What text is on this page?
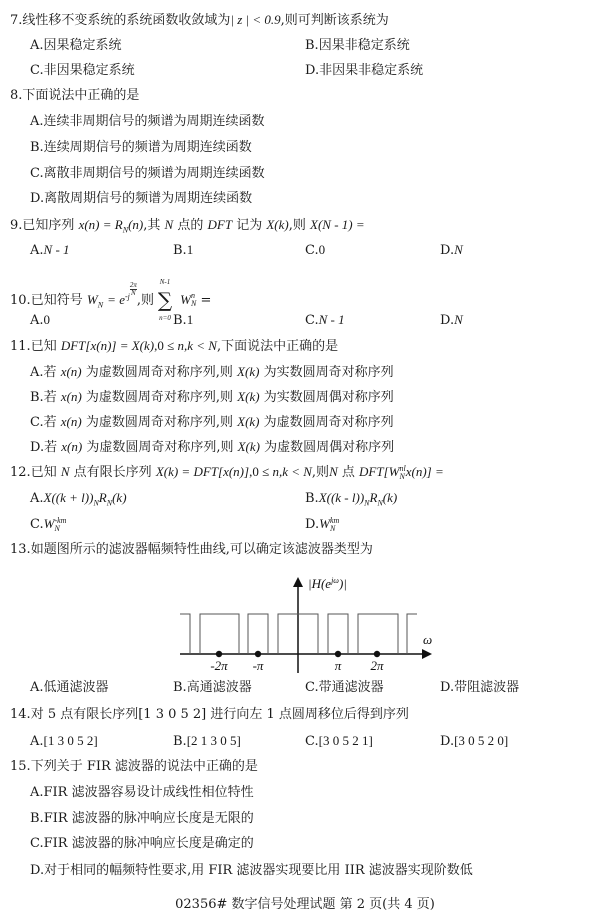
7.线性移不变系统的系统函数收敛域为| z | < 0.9,则可判断该系统为
A.因果稳定系统	B.因果非稳定系统
C.非因果稳定系统	D.非因果非稳定系统
8.下面说法中正确的是
A.连续非周期信号的频谱为周期连续函数
B.连续周期信号的频谱为周期连续函数
C.离散非周期信号的频谱为周期连续函数
D.离散周期信号的频谱为周期连续函数
9.已知序列 $x(n) = R_N(n)$,其 N 点的 DFT 记为 X(k),则 X(N - 1) =
A.N - 1	B.1	C.0	D.N
10.已知符号 $W_N = e^{-j \frac{2\pi}{N}}$
,则
N-1
∑
n=0
W n
N =
A.0	B.1	C.N - 1	D.N
11.已知 DFT[x(n)] = X(k),0 ≤ n,k < N,下面说法中正确的是
A.若 x(n) 为虚数圆周奇对称序列,则 X(k) 为实数圆周奇对称序列
B.若 x(n) 为虚数圆周奇对称序列,则 X(k) 为实数圆周偶对称序列
C.若 x(n) 为虚数圆周奇对称序列,则 X(k) 为虚数圆周奇对称序列
D.若 x(n) 为虚数圆周奇对称序列,则 X(k) 为虚数圆周偶对称序列
12.已知 N 点有限长序列 X(k) = DFT[x(n)],0 ≤ n,k < N,则N 点 DFT[W nl
N x(n)] =
$A.X((k + l))_NR_N(k)$	$B.X((k - l))_NR_N(k)$
C.W -km
N	D.W km
N
13.如题图所示的滤波器幅频特性曲线,可以确定该滤波器类型为
-2π -π	π 2π
ω
$|H(e^{j\omega})|$
A.低通滤波器	B.高通滤波器	C.带通滤波器	D.带阻滤波器
14.对 5 点有限长序列[1 3 0 5 2] 进行向左 1 点圆周移位后得到序列
A.[1 3 0 5 2]	B.[2 1 3 0 5]	C.[3 0 5 2 1]	D.[3 0 5 2 0]
15.下列关于 FIR 滤波器的说法中正确的是
A.FIR 滤波器容易设计成线性相位特性
B.FIR 滤波器的脉冲响应长度是无限的
C.FIR 滤波器的脉冲响应长度是确定的
D.对于相同的幅频特性要求,用 FIR 滤波器实现要比用 IIR 滤波器实现阶数低
02356# 数字信号处理试题 第 2 页(共 4 页)
